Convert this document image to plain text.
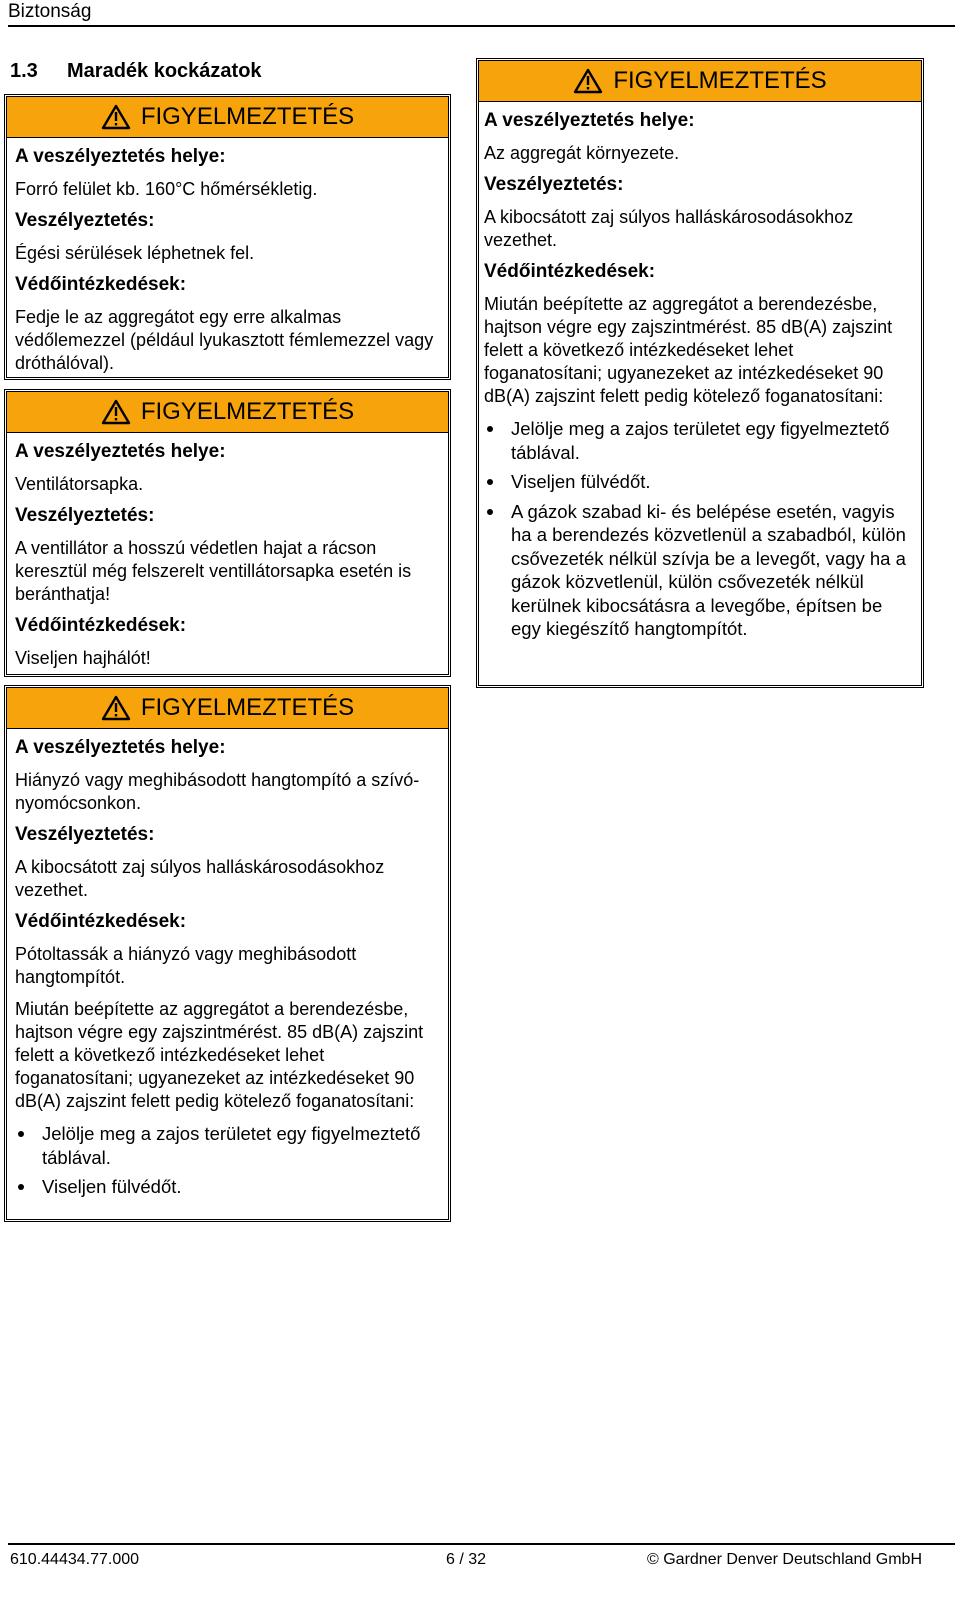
Biztonság
1.3 Maradék kockázatok
FIGYELMEZTETÉS
A veszélyeztetés helye:
Forró felület kb. 160°C hőmérsékletig.
Veszélyeztetés:
Égési sérülések léphetnek fel.
Védőintézkedések:
Fedje le az aggregátot egy erre alkalmas védőlemezzel (például lyukasztott fémlemezzel vagy dróthálóval).
FIGYELMEZTETÉS
A veszélyeztetés helye:
Ventilátorsapka.
Veszélyeztetés:
A ventillátor a hosszú védetlen hajat a rácson keresztül még felszerelt ventillátorsapka esetén is beránthatja!
Védőintézkedések:
Viseljen hajhálót!
FIGYELMEZTETÉS
A veszélyeztetés helye:
Hiányzó vagy meghibásodott hangtompító a szívó-nyomócsonkon.
Veszélyeztetés:
A kibocsátott zaj súlyos halláskárosodásokhoz vezethet.
Védőintézkedések:
Pótoltassák a hiányzó vagy meghibásodott hangtompítót.
Miután beépítette az aggregátot a berendezésbe, hajtson végre egy zajszintmérést. 85 dB(A) zajszint felett a következő intézkedéseket lehet foganatosítani; ugyanezeket az intézkedéseket 90 dB(A) zajszint felett pedig kötelező foganatosítani:
Jelölje meg a zajos területet egy figyelmeztető táblával.
Viseljen fülvédőt.
FIGYELMEZTETÉS
A veszélyeztetés helye:
Az aggregát környezete.
Veszélyeztetés:
A kibocsátott zaj súlyos halláskárosodásokhoz vezethet.
Védőintézkedések:
Miután beépítette az aggregátot a berendezésbe, hajtson végre egy zajszintmérést. 85 dB(A) zajszint felett a következő intézkedéseket lehet foganatosítani; ugyanezeket az intézkedéseket 90 dB(A) zajszint felett pedig kötelező foganatosítani:
Jelölje meg a zajos területet egy figyelmeztető táblával.
Viseljen fülvédőt.
A gázok szabad ki- és belépése esetén, vagyis ha a berendezés közvetlenül a szabadból, külön csővezeték nélkül szívja be a levegőt, vagy ha a gázok közvetlenül, külön csővezeték nélkül kerülnek kibocsátásra a levegőbe, építsen be egy kiegészítő hangtompítót.
610.44434.77.000	6 / 32	© Gardner Denver Deutschland GmbH
